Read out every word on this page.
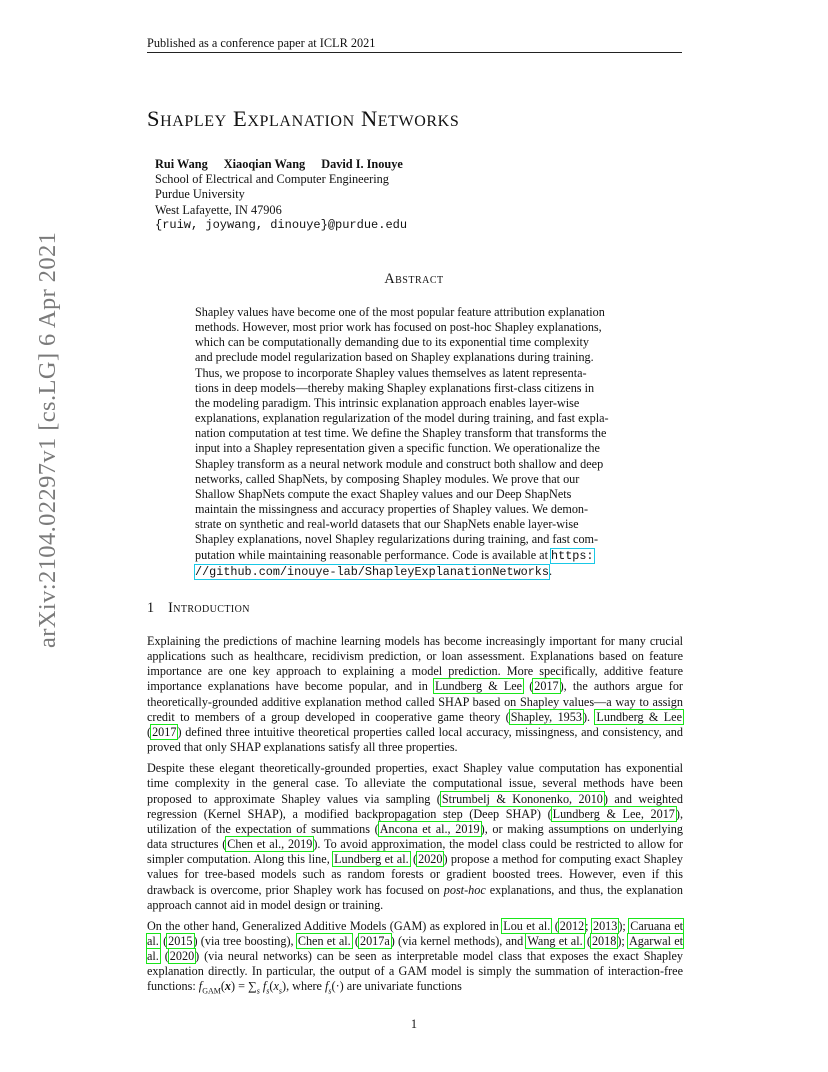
Published as a conference paper at ICLR 2021
arXiv:2104.02297v1 [cs.LG] 6 Apr 2021
Shapley Explanation Networks
Rui Wang Xiaoqian Wang David I. Inouye
School of Electrical and Computer Engineering
Purdue University
West Lafayette, IN 47906
{ruiw, joywang, dinouye}@purdue.edu
Abstract
Shapley values have become one of the most popular feature attribution explanation
methods. However, most prior work has focused on post-hoc Shapley explanations,
which can be computationally demanding due to its exponential time complexity
and preclude model regularization based on Shapley explanations during training.
Thus, we propose to incorporate Shapley values themselves as latent representa-
tions in deep models—thereby making Shapley explanations first-class citizens in
the modeling paradigm. This intrinsic explanation approach enables layer-wise
explanations, explanation regularization of the model during training, and fast expla-
nation computation at test time. We define the Shapley transform that transforms the
input into a Shapley representation given a specific function. We operationalize the
Shapley transform as a neural network module and construct both shallow and deep
networks, called ShapNets, by composing Shapley modules. We prove that our
Shallow ShapNets compute the exact Shapley values and our Deep ShapNets
maintain the missingness and accuracy properties of Shapley values. We demon-
strate on synthetic and real-world datasets that our ShapNets enable layer-wise
Shapley explanations, novel Shapley regularizations during training, and fast com-
putation while maintaining reasonable performance. Code is available at https:
//github.com/inouye-lab/ShapleyExplanationNetworks.
1 Introduction
Explaining the predictions of machine learning models has become increasingly important for many crucial applications such as healthcare, recidivism prediction, or loan assessment. Explanations based on feature importance are one key approach to explaining a model prediction. More specifically, additive feature importance explanations have become popular, and in Lundberg & Lee (2017), the authors argue for theoretically-grounded additive explanation method called SHAP based on Shapley values—a way to assign credit to members of a group developed in cooperative game theory (Shapley, 1953). Lundberg & Lee (2017) defined three intuitive theoretical properties called local accuracy, missingness, and consistency, and proved that only SHAP explanations satisfy all three properties.
Despite these elegant theoretically-grounded properties, exact Shapley value computation has exponential time complexity in the general case. To alleviate the computational issue, several methods have been proposed to approximate Shapley values via sampling (Strumbelj & Kononenko, 2010) and weighted regression (Kernel SHAP), a modified backpropagation step (Deep SHAP) (Lundberg & Lee, 2017), utilization of the expectation of summations (Ancona et al., 2019), or making assumptions on underlying data structures (Chen et al., 2019). To avoid approximation, the model class could be restricted to allow for simpler computation. Along this line, Lundberg et al. (2020) propose a method for computing exact Shapley values for tree-based models such as random forests or gradient boosted trees. However, even if this drawback is overcome, prior Shapley work has focused on post-hoc explanations, and thus, the explanation approach cannot aid in model design or training.
On the other hand, Generalized Additive Models (GAM) as explored in Lou et al. (2012; 2013); Caruana et al. (2015) (via tree boosting), Chen et al. (2017a) (via kernel methods), and Wang et al. (2018); Agarwal et al. (2020) (via neural networks) can be seen as interpretable model class that exposes the exact Shapley explanation directly. In particular, the output of a GAM model is simply the summation of interaction-free functions: $f_{GAM}(x) = \sum_s$ $f_s(x_s)$, where $f_s(\cdot)$ are univariate functions
1
